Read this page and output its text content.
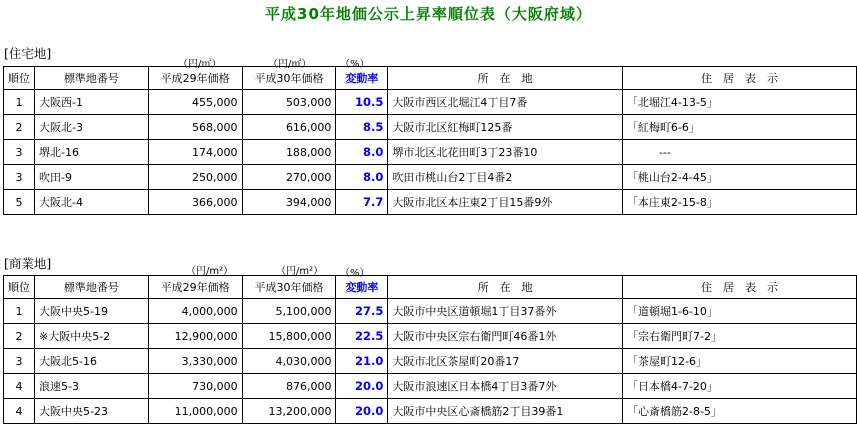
平成30年地価公示上昇率順位表（大阪府域）
[住宅地]
（円/㎡）	（円/㎡）	（%）
順位	標準地番号	平成29年価格	平成30年価格	変動率	所　在　地	住　居　表　示
1	大阪西-1	455,000	503,000	10.5	大阪市西区北堀江4丁目7番	「北堀江4-13-5」
2	大阪北-3	568,000	616,000	8.5	大阪市北区紅梅町125番	「紅梅町6-6」
3	堺北-16	174,000	188,000	8.0	堺市北区北花田町3丁23番10	---
3	吹田-9	250,000	270,000	8.0	吹田市桃山台2丁目4番2	「桃山台2-4-45」
5	大阪北-4	366,000	394,000	7.7	大阪市北区本庄東2丁目15番9外	「本庄東2-15-8」
[商業地]
（円/m²）	（円/m²） （%）
順位	標準地番号	平成29年価格	平成30年価格	変動率	所　在　地	住　居　表　示
1	大阪中央5-19	4,000,000	5,100,000	27.5	大阪市中央区道頓堀1丁目37番外	「道頓堀1-6-10」
2	※大阪中央5-2	12,900,000	15,800,000	22.5	大阪市中央区宗右衛門町46番1外	「宗右衛門町7-2」
3	大阪北5-16	3,330,000	4,030,000	21.0	大阪市北区茶屋町20番17	「茶屋町12-6」
4	浪速5-3	730,000	876,000	20.0	大阪市浪速区日本橋4丁目3番7外	「日本橋4-7-20」
4	大阪中央5-23	11,000,000	13,200,000	20.0	大阪市中央区心斎橋筋2丁目39番1	「心斎橋筋2-8-5」
